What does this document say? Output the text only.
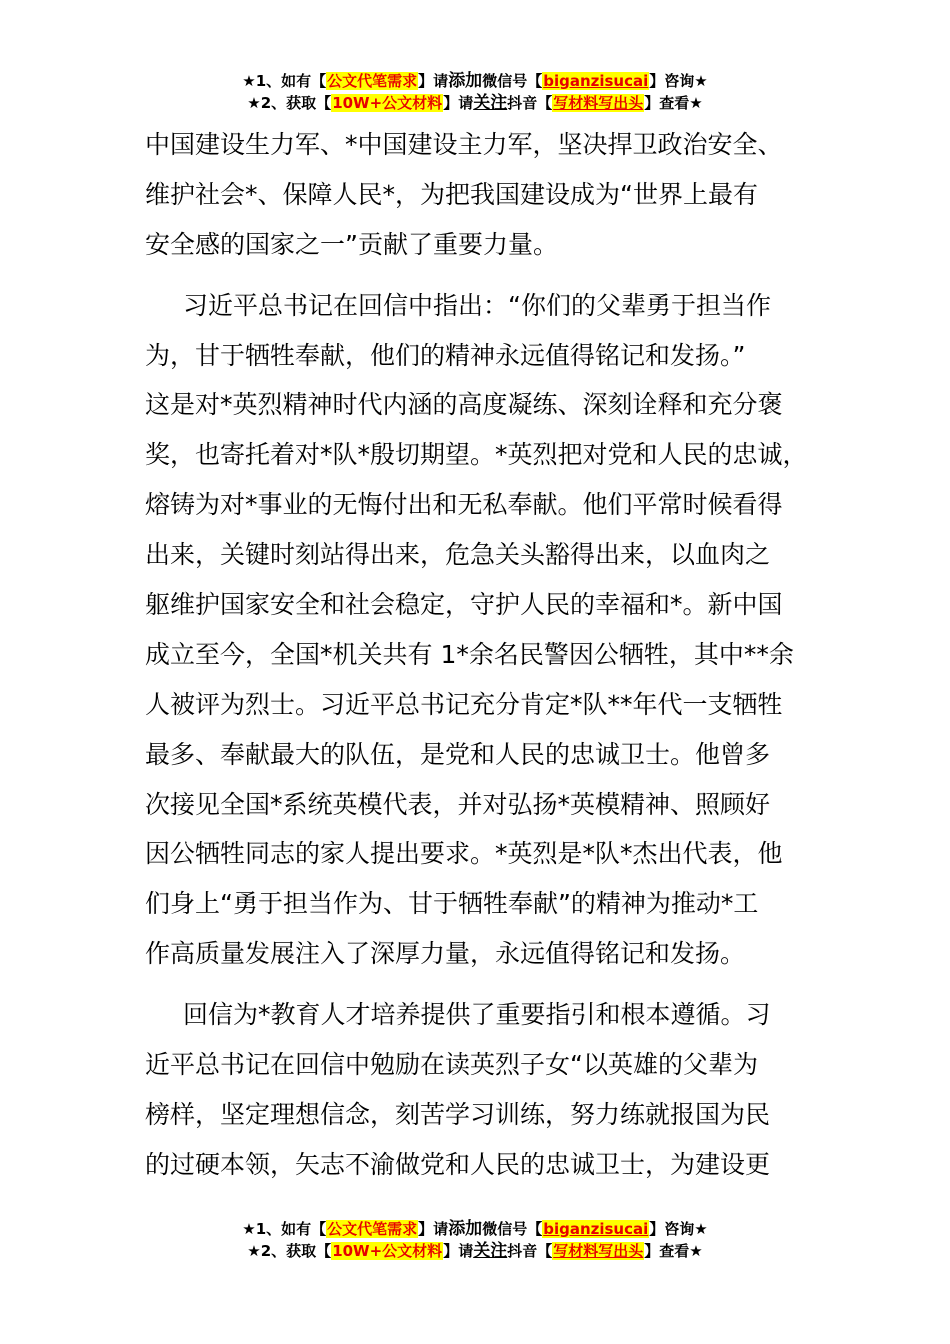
★1、如有【公文代笔需求】请添加微信号【biganzisucai】咨询★
★2、获取【10W+公文材料】请关注抖音【写材料写出头】查看★
中国建设生力军、*中国建设主力军，坚决捍卫政治安全、
维护社会*、保障人民*，为把我国建设成为“世界上最有
安全感的国家之一”贡献了重要力量。
习近平总书记在回信中指出：“你们的父辈勇于担当作
为，甘于牺牲奉献，他们的精神永远值得铭记和发扬。”
这是对*英烈精神时代内涵的高度凝练、深刻诠释和充分褒
奖，也寄托着对*队*殷切期望。*英烈把对党和人民的忠诚，
熔铸为对*事业的无悔付出和无私奉献。他们平常时候看得
出来，关键时刻站得出来，危急关头豁得出来，以血肉之
躯维护国家安全和社会稳定，守护人民的幸福和*。新中国
成立至今，全国*机关共有 1*余名民警因公牺牲，其中**余
人被评为烈士。习近平总书记充分肯定*队**年代一支牺牲
最多、奉献最大的队伍，是党和人民的忠诚卫士。他曾多
次接见全国*系统英模代表，并对弘扬*英模精神、照顾好
因公牺牲同志的家人提出要求。*英烈是*队*杰出代表，他
们身上“勇于担当作为、甘于牺牲奉献”的精神为推动*工
作高质量发展注入了深厚力量，永远值得铭记和发扬。
回信为*教育人才培养提供了重要指引和根本遵循。习
近平总书记在回信中勉励在读英烈子女“以英雄的父辈为
榜样，坚定理想信念，刻苦学习训练，努力练就报国为民
的过硬本领，矢志不渝做党和人民的忠诚卫士，为建设更
★1、如有【公文代笔需求】请添加微信号【biganzisucai】咨询★
★2、获取【10W+公文材料】请关注抖音【写材料写出头】查看★
